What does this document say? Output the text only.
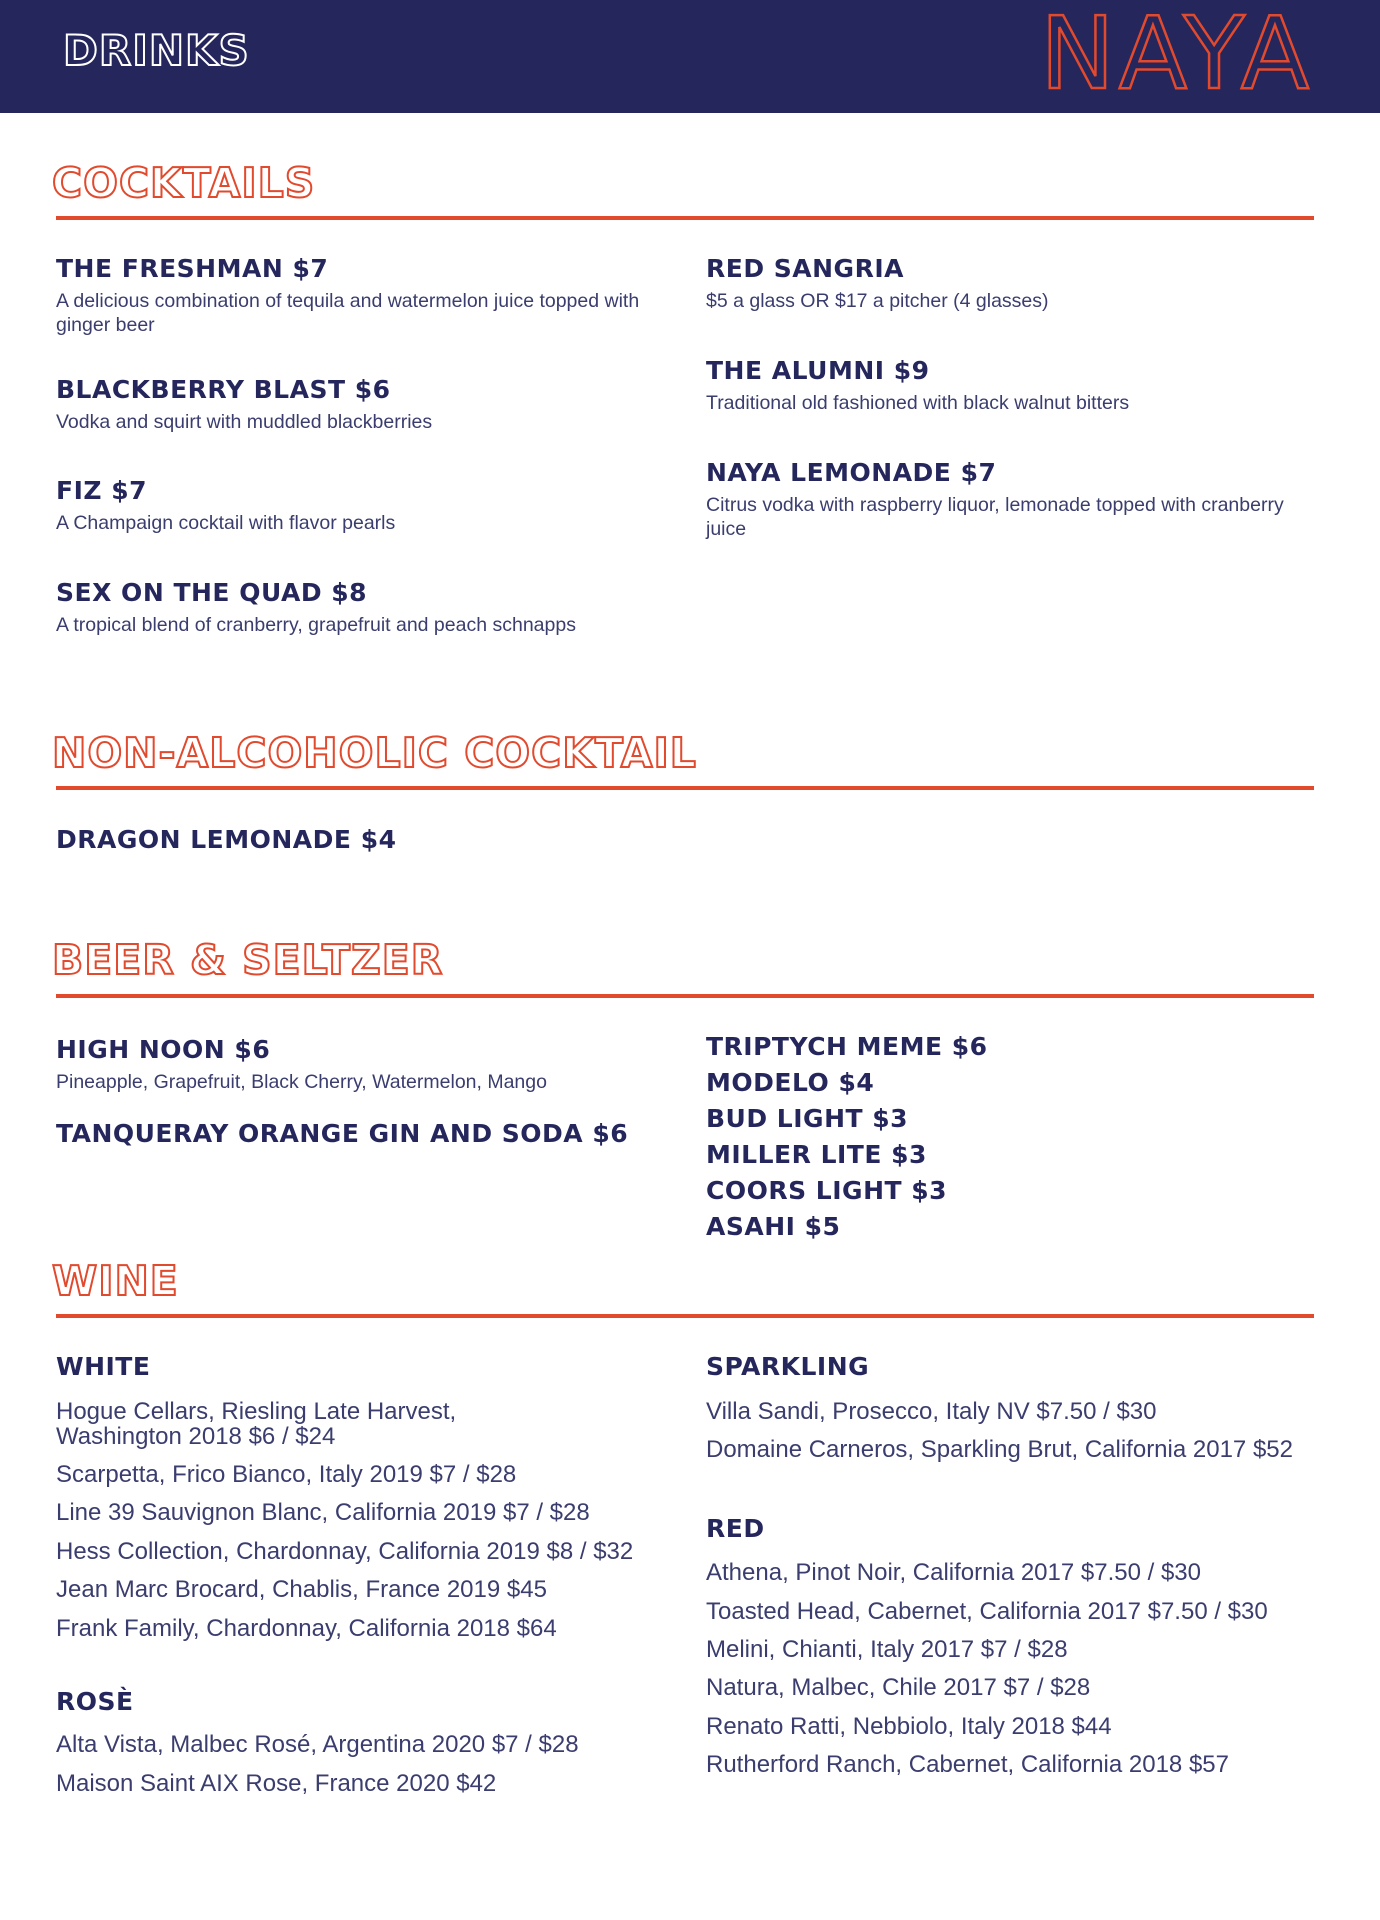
DRINKS	NAYA
COCKTAILS
THE FRESHMAN $7
A delicious combination of tequila and watermelon juice topped with ginger beer
BLACKBERRY BLAST $6
Vodka and squirt with muddled blackberries
FIZ $7
A Champaign cocktail with flavor pearls
SEX ON THE QUAD $8
A tropical blend of cranberry, grapefruit and peach schnapps
RED SANGRIA
$5 a glass OR $17 a pitcher (4 glasses)
THE ALUMNI $9
Traditional old fashioned with black walnut bitters
NAYA LEMONADE $7
Citrus vodka with raspberry liquor, lemonade topped with cranberry juice
NON-ALCOHOLIC COCKTAIL
DRAGON LEMONADE $4
BEER & SELTZER
HIGH NOON $6
Pineapple, Grapefruit, Black Cherry, Watermelon, Mango
TANQUERAY ORANGE GIN AND SODA $6
TRIPTYCH MEME $6
MODELO $4
BUD LIGHT $3
MILLER LITE $3
COORS LIGHT $3
ASAHI $5
WINE
WHITE
Hogue Cellars, Riesling Late Harvest,
Washington 2018 $6 / $24
Scarpetta, Frico Bianco, Italy 2019 $7 / $28
Line 39 Sauvignon Blanc, California 2019 $7 / $28
Hess Collection, Chardonnay, California 2019 $8 / $32
Jean Marc Brocard, Chablis, France 2019 $45
Frank Family, Chardonnay, California 2018 $64
ROSÈ
Alta Vista, Malbec Rosé, Argentina 2020 $7 / $28
Maison Saint AIX Rose, France 2020 $42
SPARKLING
Villa Sandi, Prosecco, Italy NV $7.50 / $30
Domaine Carneros, Sparkling Brut, California 2017 $52
RED
Athena, Pinot Noir, California 2017 $7.50 / $30
Toasted Head, Cabernet, California 2017 $7.50 / $30
Melini, Chianti, Italy 2017 $7 / $28
Natura, Malbec, Chile 2017 $7 / $28
Renato Ratti, Nebbiolo, Italy 2018 $44
Rutherford Ranch, Cabernet, California 2018 $57
